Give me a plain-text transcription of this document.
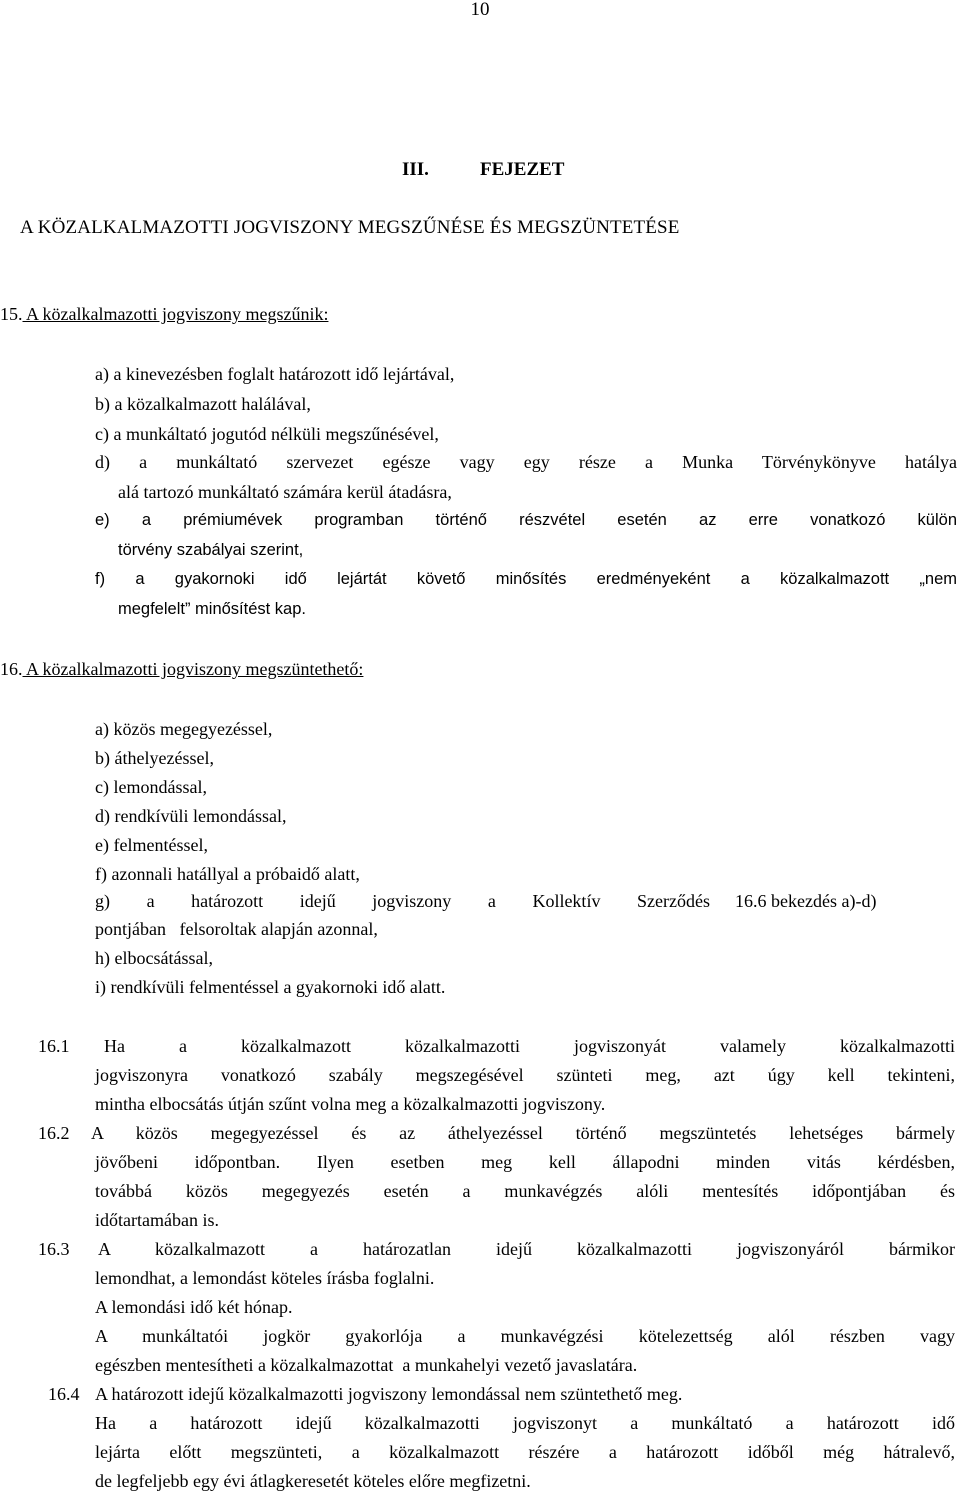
10
III.	FEJEZET
A KÖZALKALMAZOTTI JOGVISZONY MEGSZŰNÉSE ÉS MEGSZÜNTETÉSE
15. A közalkalmazotti jogviszony megszűnik:
a) a kinevezésben foglalt határozott idő lejártával,
b) a közalkalmazott halálával,
c) a munkáltató jogutód nélküli megszűnésével,
d) a munkáltató szervezet egésze vagy egy része a Munka Törvénykönyve hatálya
alá tartozó munkáltató számára kerül átadásra,
e) a prémiumévek programban történő részvétel esetén az erre vonatkozó külön
törvény szabályai szerint,
f) a gyakornoki idő lejártát követő minősítés eredményeként a közalkalmazott „nem
megfelelt” minősítést kap.
16. A közalkalmazotti jogviszony megszüntethető:
a) közös megegyezéssel,
b) áthelyezéssel,
c) lemondással,
d) rendkívüli lemondással,
e) felmentéssel,
f) azonnali hatállyal a próbaidő alatt,
g) a határozott idejű jogviszony a Kollektív Szerződés 16.6 bekezdés a)-d)
pontjában   felsoroltak alapján azonnal,
h) elbocsátással,
i) rendkívüli felmentéssel a gyakornoki idő alatt.
16.1 Ha a közalkalmazott közalkalmazotti jogviszonyát valamely közalkalmazotti
jogviszonyra vonatkozó szabály megszegésével szünteti meg, azt úgy kell tekinteni,
mintha elbocsátás útján szűnt volna meg a közalkalmazotti jogviszony.
16.2 A közös megegyezéssel és az áthelyezéssel történő megszüntetés lehetséges bármely
jövőbeni időpontban. Ilyen esetben meg kell állapodni minden vitás kérdésben,
továbbá közös megegyezés esetén a munkavégzés alóli mentesítés időpontjában és
időtartamában is.
16.3 A közalkalmazott a határozatlan idejű közalkalmazotti jogviszonyáról bármikor
lemondhat, a lemondást köteles írásba foglalni.
A lemondási idő két hónap.
A munkáltatói jogkör gyakorlója a munkavégzési kötelezettség alól részben vagy
egészben mentesítheti a közalkalmazottat  a munkahelyi vezető javaslatára.
16.4 A határozott idejű közalkalmazotti jogviszony lemondással nem szüntethető meg.
Ha a határozott idejű közalkalmazotti jogviszonyt a munkáltató a határozott idő
lejárta előtt megszünteti, a közalkalmazott részére a határozott időből még hátralevő,
de legfeljebb egy évi átlagkeresetét köteles előre megfizetni.
